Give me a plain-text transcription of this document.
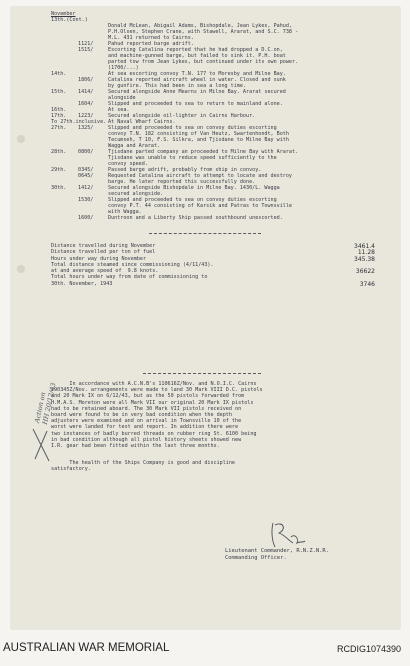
November
13th.(Cont.)
Donald McLean, Abigail Adams, Bishopdale, Jean Lykes, Pahud,
P.H.Olsen, Stephen Crane, with Stawell, Ararat, and S.C. 738 -
M.L. 431 returned to Cairns.
1121/	Pahud reported barge adrift.
1515/	Escorting Catalina reported that he had dropped a D.C.on,
and machine-gunned barge, but failed to sink it. P.H. boat
parted tow from Jean Lykes, but continued under its own power.
(1700/...)
14th.	At sea escorting convoy T.N. 177 to Moresby and Milne Bay.
1806/	Catalina reported aircraft wheel in water. Closed and sunk
by gunfire. This had been in sea a long time.
15th.	1414/	Secured alongside Anne Mearns in Milne Bay. Ararat secured
alongside
1604/	Slipped and proceeded to sea to return to mainland alone.
16th.	At sea.
17th.	1223/	Secured alongside oil-lighter in Cairns Harbour.
To 27th.inclusive. At Naval Wharf Cairns.
27th.	1325/	Slipped and proceeded to sea on convoy duties escorting
convoy T.N. 182 consisting of Van Heutz, Swartenhondt, Both
Tecumseh, T 10, F.S. Silkra, and Tjisdane to Milne Bay with
Wagga and Ararat.
28th.	0800/	Tjisdane parted company an proceeded to Milne Bay with Ararat.
Tjisdane was unable to reduce speed sufficiently to the
convoy speed.
29th.	0345/	Passed barge adrift, probably from ship in convoy.
0645/	Requested Catalina aircraft to attempt to locate and destroy
barge. He later reported this successfully done.
30th.	1412/	Secured alongside Bishopdale in Milne Bay. 1430/L. Wagga
secured alongside.
1530/	Slipped and proceeded to sea on convoy duties escorting
convoy P.T. 44 consisting of Karsik and Patras to Townsville
with Wagga.
1600/	Duntroon and a Liberty Ship passed southbound unescorted.
Distance travelled during November	3461.4
Distance travelled per ton of fuel	11.28
Hours under way during November	345.38
Total distance steamed since commissioning (4/11/43).
at and average speed of  9.8 knots.	36622
Total hours under way from date of commissioning to
30th. November, 1943	3746
In accordance with A.C.N.B's 110616Z/Nov. and N.O.I.C. Cairns
290345Z/Nov. arrangements were made to land 30 Mark VIII D.C. pistols
and 20 Mark IX on 6/12/43, but as the 50 pistols forwarded from
H.M.A.S. Moreton were all Mark VII our original 20 Mark IX pistols
had to be retained aboard. The 30 Mark VII pistols received on
board were found to be in very bad condition when the depth
adjusters were examined and on arrival in Townsville 10 of the
worst were landed for test and report. In addition there were
two instances of badly burred threads on rubber ring St. 6100 being
in bad condition although all pistol history sheets showed new
I.R. gear had been fitted within the last three months.
The health of the Ships Company is good and discipline
satisfactory.
Action on
HH 20/12/43
Lieutenant Commander, R.N.Z.N.R.
Commanding Officer.
AUSTRALIAN WAR MEMORIAL	RCDIG1074390
